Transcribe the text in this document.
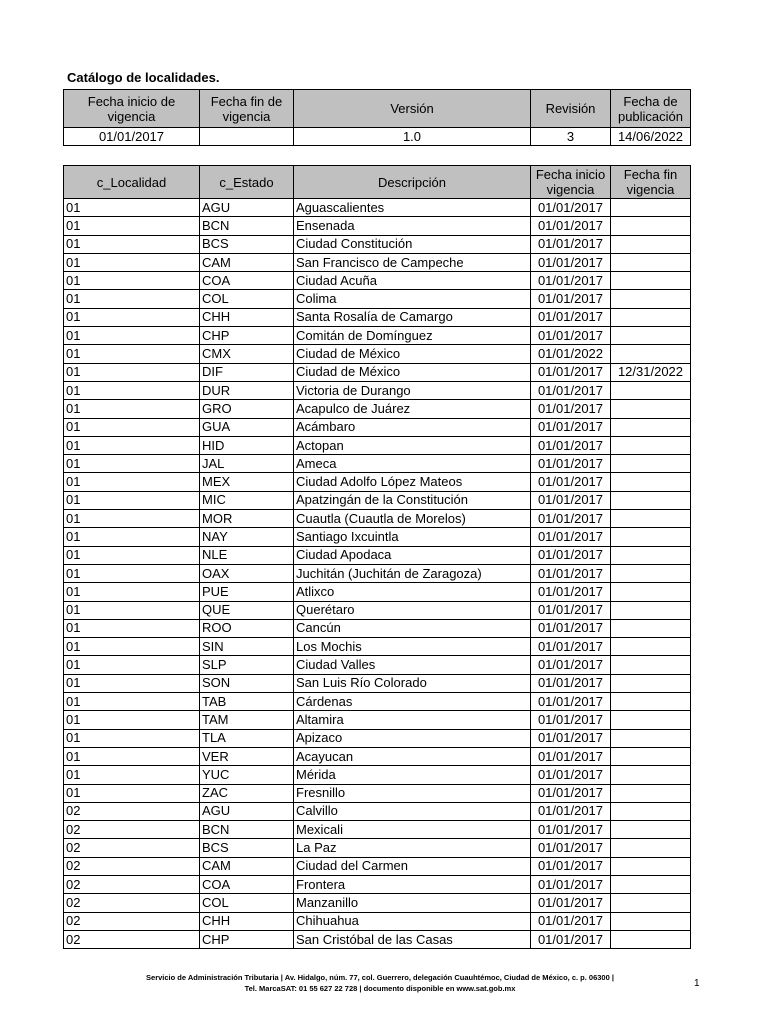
Catálogo de localidades.
Fecha inicio de vigencia	Fecha fin de vigencia	Versión	Revisión	Fecha de publicación
01/01/2017		1.0	3	14/06/2022
c_Localidad	c_Estado	Descripción	Fecha inicio vigencia	Fecha fin vigencia
01	AGU	Aguascalientes	01/01/2017	
01	BCN	Ensenada	01/01/2017	
01	BCS	Ciudad Constitución	01/01/2017	
01	CAM	San Francisco de Campeche	01/01/2017	
01	COA	Ciudad Acuña	01/01/2017	
01	COL	Colima	01/01/2017	
01	CHH	Santa Rosalía de Camargo	01/01/2017	
01	CHP	Comitán de Domínguez	01/01/2017	
01	CMX	Ciudad de México	01/01/2022	
01	DIF	Ciudad de México	01/01/2017	12/31/2022
01	DUR	Victoria de Durango	01/01/2017	
01	GRO	Acapulco de Juárez	01/01/2017	
01	GUA	Acámbaro	01/01/2017	
01	HID	Actopan	01/01/2017	
01	JAL	Ameca	01/01/2017	
01	MEX	Ciudad Adolfo López Mateos	01/01/2017	
01	MIC	Apatzingán de la Constitución	01/01/2017	
01	MOR	Cuautla (Cuautla de Morelos)	01/01/2017	
01	NAY	Santiago Ixcuintla	01/01/2017	
01	NLE	Ciudad Apodaca	01/01/2017	
01	OAX	Juchitán (Juchitán de Zaragoza)	01/01/2017	
01	PUE	Atlixco	01/01/2017	
01	QUE	Querétaro	01/01/2017	
01	ROO	Cancún	01/01/2017	
01	SIN	Los Mochis	01/01/2017	
01	SLP	Ciudad Valles	01/01/2017	
01	SON	San Luis Río Colorado	01/01/2017	
01	TAB	Cárdenas	01/01/2017	
01	TAM	Altamira	01/01/2017	
01	TLA	Apizaco	01/01/2017	
01	VER	Acayucan	01/01/2017	
01	YUC	Mérida	01/01/2017	
01	ZAC	Fresnillo	01/01/2017	
02	AGU	Calvillo	01/01/2017	
02	BCN	Mexicali	01/01/2017	
02	BCS	La Paz	01/01/2017	
02	CAM	Ciudad del Carmen	01/01/2017	
02	COA	Frontera	01/01/2017	
02	COL	Manzanillo	01/01/2017	
02	CHH	Chihuahua	01/01/2017	
02	CHP	San Cristóbal de las Casas	01/01/2017	
Servicio de Administración Tributaria | Av. Hidalgo, núm. 77, col. Guerrero, delegación Cuauhtémoc, Ciudad de México, c. p. 06300 |
Tel. MarcaSAT: 01 55 627 22 728 | documento disponible en www.sat.gob.mx	1
